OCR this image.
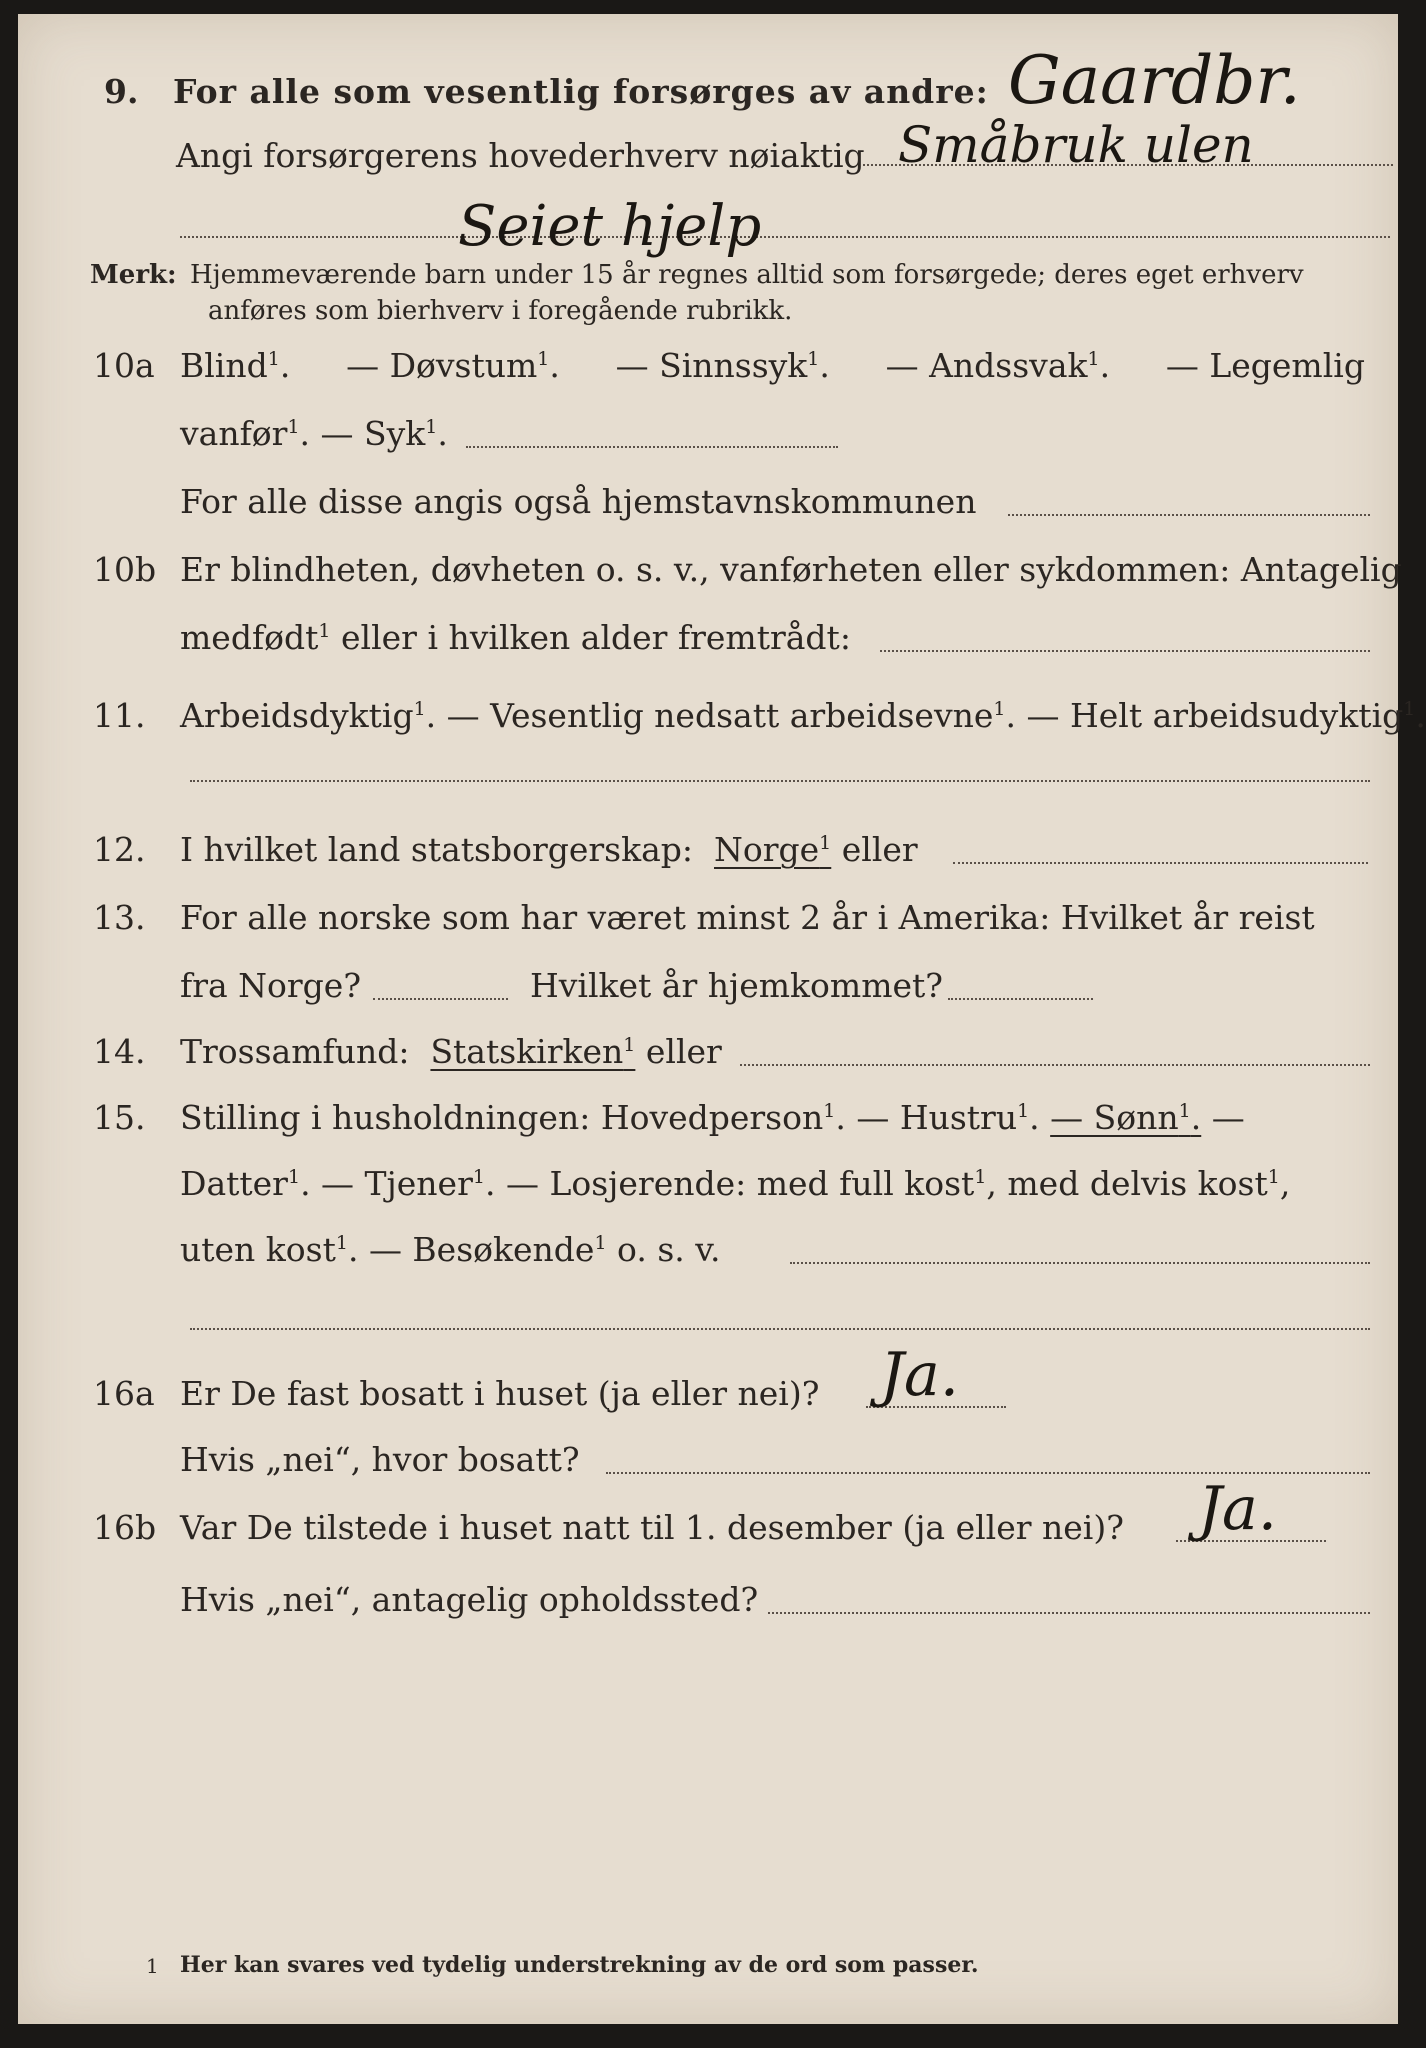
9. For alle som vesentlig forsørges av andre:
Angi forsørgerens hovederhverv nøiaktig
Gaardbr.
Småbruk ulen
Seiet hjelp
Merk: Hjemmeværende barn under 15 år regnes alltid som forsørgede; deres eget erhverv
anføres som bierhverv i foregående rubrikk.
10a Blind$^1$. — Døvstum$^1$. — Sinnssyk$^1$. — Andssvak$^1$. — Legemlig
vanfør$^1$. — Syk$^1$.
For alle disse angis også hjemstavnskommunen
10b Er blindheten, døvheten o. s. v., vanførheten eller sykdommen: Antagelig
medfødt$^1$ eller i hvilken alder fremtrådt:
11. Arbeidsdyktig$^1$. — Vesentlig nedsatt arbeidsevne$^1$. — Helt arbeidsudyktig$^1$.
12. I hvilket land statsborgerskap: Norge$^1$ eller
13. For alle norske som har været minst 2 år i Amerika: Hvilket år reist
fra Norge?	Hvilket år hjemkommet?
14. Trossamfund: Statskirken$^1$ eller
15. Stilling i husholdningen: Hovedperson$^1$. — Hustru$^1$. — Sønn$^1$. —
Datter$^1$. — Tjener$^1$. — Losjerende: med full kost$^1$, med delvis kost$^1$,
uten kost$^1$. — Besøkende$^1$ o. s. v.
16a Er De fast bosatt i huset (ja eller nei)? Ja.
Hvis „nei“, hvor bosatt?
16b Var De tilstede i huset natt til 1. desember (ja eller nei)? Ja.
Hvis „nei“, antagelig opholdssted?
1 Her kan svares ved tydelig understrekning av de ord som passer.
